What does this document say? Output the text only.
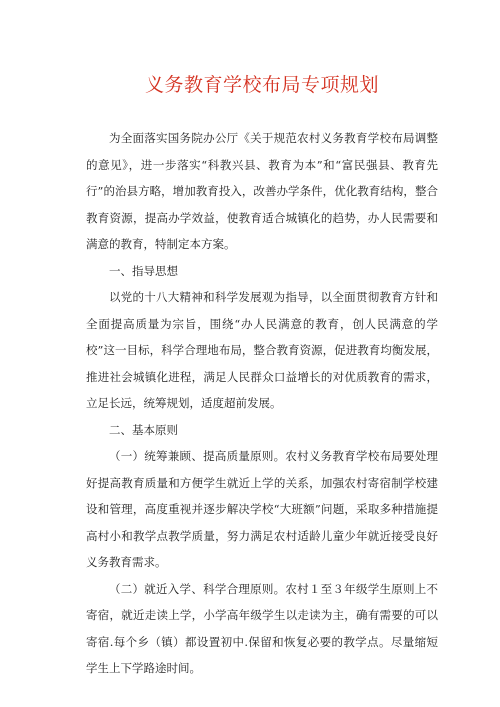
义务教育学校布局专项规划

为全面落实国务院办公厅《关于规范农村义务教育学校布局调整的意见》，进一步落实“科教兴县、教育为本”和“富民强县、教育先行”的治县方略，增加教育投入，改善办学条件，优化教育结构，整合教育资源，提高办学效益，使教育适合城镇化的趋势，办人民需要和满意的教育，特制定本方案。

一、指导思想

以党的十八大精神和科学发展观为指导，以全面贯彻教育方针和全面提高质量为宗旨，围绕“办人民满意的教育，创人民满意的学校”这一目标，科学合理地布局，整合教育资源，促进教育均衡发展，推进社会城镇化进程，满足人民群众口益增长的对优质教育的需求，立足长远，统筹规划，适度超前发展。

二、基本原则

（一）统筹兼顾、提高质量原则。农村义务教育学校布局要处理好提高教育质量和方便学生就近上学的关系，加强农村寄宿制学校建设和管理，高度重视并逐步解决学校“大班额”问题，采取多种措施提高村小和教学点教学质量，努力满足农村适龄儿童少年就近接受良好义务教育需求。

（二）就近入学、科学合理原则。农村１至３年级学生原则上不寄宿，就近走读上学，小学高年级学生以走读为主，确有需要的可以寄宿.每个乡（镇）都设置初中.保留和恢复必要的教学点。尽量缩短学生上下学路途时间。
